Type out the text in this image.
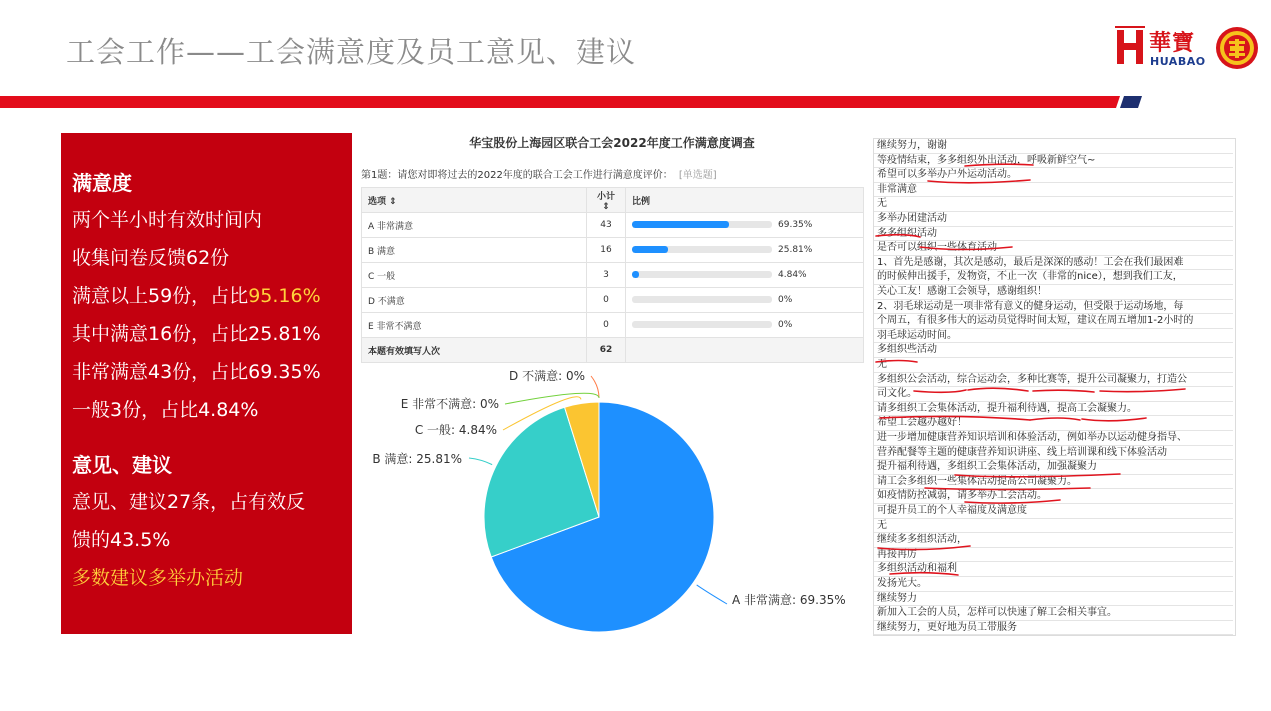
工会工作——工会满意度及员工意见、建议	華寶
HUABAO
满意度
两个半小时有效时间内
收集问卷反馈62份
满意以上59份，占比95.16%
其中满意16份，占比25.81%
非常满意43份，占比69.35%
一般3份，占比4.84%
意见、建议
意见、建议27条，占有效反
馈的43.5%
多数建议多举办活动
华宝股份上海园区联合工会2022年度工作满意度调查
第1题：请您对即将过去的2022年度的联合工会工作进行满意度评价： [单选题]
选项 ⇕	小计 ⇕	比例
A 非常满意	43	69.35%
B 满意	16	25.81%
C 一般	3	4.84%
D 不满意	0	0%
E 非常不满意	0	0%
本题有效填写人次	62	
A 非常满意: 69.35%
B 满意: 25.81%
C 一般: 4.84%
D 不满意: 0%
E 非常不满意: 0%
继续努力，谢谢
等疫情结束，多多组织外出活动，呼吸新鲜空气~
希望可以多举办户外运动活动。
非常满意
无
多举办团建活动
多多组织活动
是否可以组织一些体育活动
1、首先是感谢，其次是感动，最后是深深的感动！工会在我们最困难
的时候伸出援手，发物资，不止一次（非常的nice），想到我们工友，
关心工友！感谢工会领导，感谢组织！
2、羽毛球运动是一项非常有意义的健身运动，但受限于运动场地，每
个周五，有很多伟大的运动员觉得时间太短，建议在周五增加1-2小时的
羽毛球运动时间。
多组织些活动
无
多组织公会活动，综合运动会，多种比赛等，提升公司凝聚力，打造公
司文化。
请多组织工会集体活动，提升福利待遇，提高工会凝聚力。
希望工会越办越好！
进一步增加健康营养知识培训和体验活动，例如举办以运动健身指导、
营养配餐等主题的健康营养知识讲座、线上培训课和线下体验活动
提升福利待遇，多组织工会集体活动，加强凝聚力
请工会多组织一些集体活动提高公司凝聚力。
如疫情防控减弱，请多举办工会活动。
可提升员工的个人幸福度及满意度
无
继续多多组织活动，
再接再厉
多组织活动和福利
发扬光大。
继续努力
新加入工会的人员，怎样可以快速了解工会相关事宜。
继续努力，更好地为员工带服务
